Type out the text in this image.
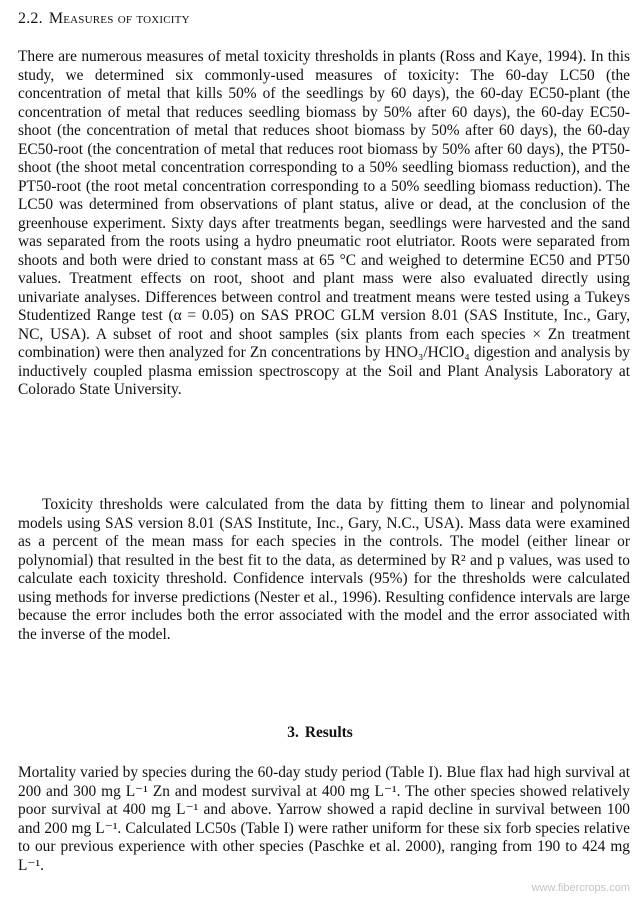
2.2. Measures of toxicity

There are numerous measures of metal toxicity thresholds in plants (Ross and Kaye, 1994). In this study, we determined six commonly-used measures of toxicity: The 60-day LC50 (the concentration of metal that kills 50% of the seedlings by 60 days), the 60-day EC50-plant (the concentration of metal that reduces seedling biomass by 50% after 60 days), the 60-day EC50-shoot (the concentration of metal that reduces shoot biomass by 50% after 60 days), the 60-day EC50-root (the concentration of metal that reduces root biomass by 50% after 60 days), the PT50-shoot (the shoot metal concentration corresponding to a 50% seedling biomass reduction), and the PT50-root (the root metal concentration corresponding to a 50% seedling biomass reduction). The LC50 was determined from observations of plant status, alive or dead, at the conclusion of the greenhouse experiment. Sixty days after treatments began, seedlings were harvested and the sand was separated from the roots using a hydro pneumatic root elutriator. Roots were separated from shoots and both were dried to constant mass at 65 °C and weighed to determine EC50 and PT50 values. Treatment effects on root, shoot and plant mass were also evaluated directly using univariate analyses. Differences between control and treatment means were tested using a Tukeys Studentized Range test (α = 0.05) on SAS PROC GLM version 8.01 (SAS Institute, Inc., Gary, NC, USA). A subset of root and shoot samples (six plants from each species × Zn treatment combination) were then analyzed for Zn concentrations by HNO₃/HClO₄ digestion and analysis by inductively coupled plasma emission spectroscopy at the Soil and Plant Analysis Laboratory at Colorado State University.

Toxicity thresholds were calculated from the data by fitting them to linear and polynomial models using SAS version 8.01 (SAS Institute, Inc., Gary, N.C., USA). Mass data were examined as a percent of the mean mass for each species in the controls. The model (either linear or polynomial) that resulted in the best fit to the data, as determined by R² and p values, was used to calculate each toxicity threshold. Confidence intervals (95%) for the thresholds were calculated using methods for inverse predictions (Nester et al., 1996). Resulting confidence intervals are large because the error includes both the error associated with the model and the error associated with the inverse of the model.

3. Results

Mortality varied by species during the 60-day study period (Table I). Blue flax had high survival at 200 and 300 mg L⁻¹ Zn and modest survival at 400 mg L⁻¹. The other species showed relatively poor survival at 400 mg L⁻¹ and above. Yarrow showed a rapid decline in survival between 100 and 200 mg L⁻¹. Calculated LC50s (Table I) were rather uniform for these six forb species relative to our previous experience with other species (Paschke et al. 2000), ranging from 190 to 424 mg L⁻¹.

www.fibercrops.com
